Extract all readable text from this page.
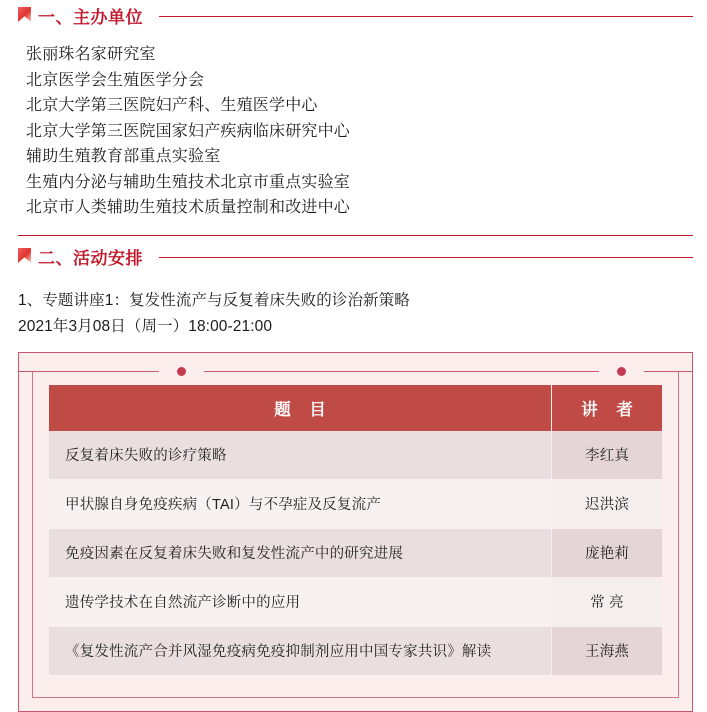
一、主办单位
张丽珠名家研究室
北京医学会生殖医学分会
北京大学第三医院妇产科、生殖医学中心
北京大学第三医院国家妇产疾病临床研究中心
辅助生殖教育部重点实验室
生殖内分泌与辅助生殖技术北京市重点实验室
北京市人类辅助生殖技术质量控制和改进中心
二、活动安排
1、专题讲座1：复发性流产与反复着床失败的诊治新策略
2021年3月08日（周一）18:00-21:00
题 目	讲 者
反复着床失败的诊疗策略	李红真
甲状腺自身免疫疾病（TAI）与不孕症及反复流产	迟洪滨
免疫因素在反复着床失败和复发性流产中的研究进展	庞艳莉
遗传学技术在自然流产诊断中的应用	常 亮
《复发性流产合并风湿免疫病免疫抑制剂应用中国专家共识》解读	王海燕
